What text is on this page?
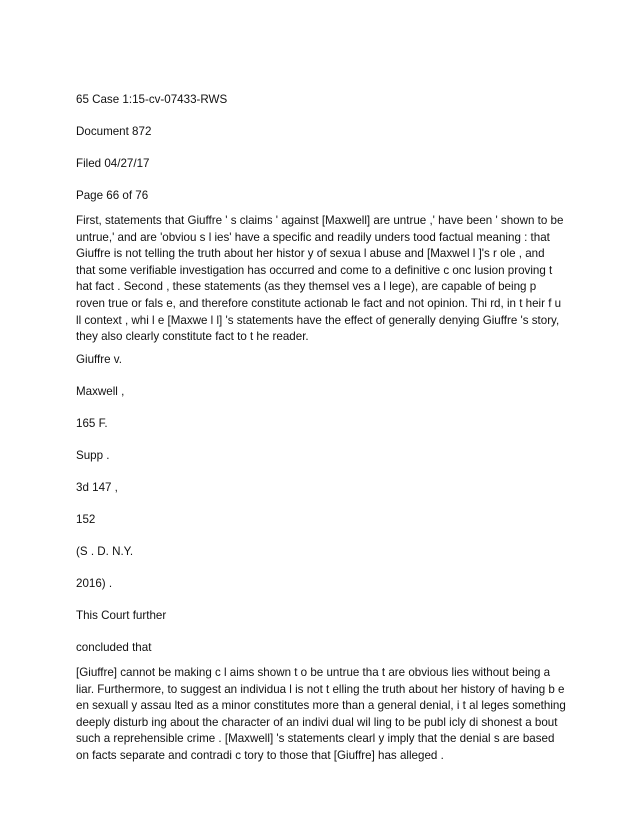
65 Case 1:15-cv-07433-RWS
Document 872
Filed 04/27/17
Page 66 of 76

First, statements that Giuffre ' s claims ' against [Maxwell] are untrue ,' have been ' shown to be untrue,' and are 'obviou s l ies' have a specific and readily unders tood factual meaning : that Giuffre is not telling the truth about her histor y of sexua l abuse and [Maxwel l ]'s r ole , and that some verifiable investigation has occurred and come to a definitive c onc lusion proving t hat fact . Second , these statements (as they themsel ves a l lege), are capable of being p roven true or fals e, and therefore constitute actionab le fact and not opinion. Thi rd, in t heir f u ll context , whi l e [Maxwe l l] 's statements have the effect of generally denying Giuffre 's story, they also clearly constitute fact to t he reader.

Giuffre v.
Maxwell ,
165 F.
Supp .
3d 147 ,
152
(S . D. N.Y.
2016) .
This Court further
concluded that

[Giuffre] cannot be making c l aims shown t o be untrue tha t are obvious lies without being a liar. Furthermore, to suggest an individua l is not t elling the truth about her history of having b e en sexuall y assau lted as a minor constitutes more than a general denial, i t al leges something deeply disturb ing about the character of an indivi dual wil ling to be publ icly di shonest a bout such a reprehensible crime . [Maxwell] 's statements clearl y imply that the denial s are based on facts separate and contradi c tory to those that [Giuffre] has alleged .
